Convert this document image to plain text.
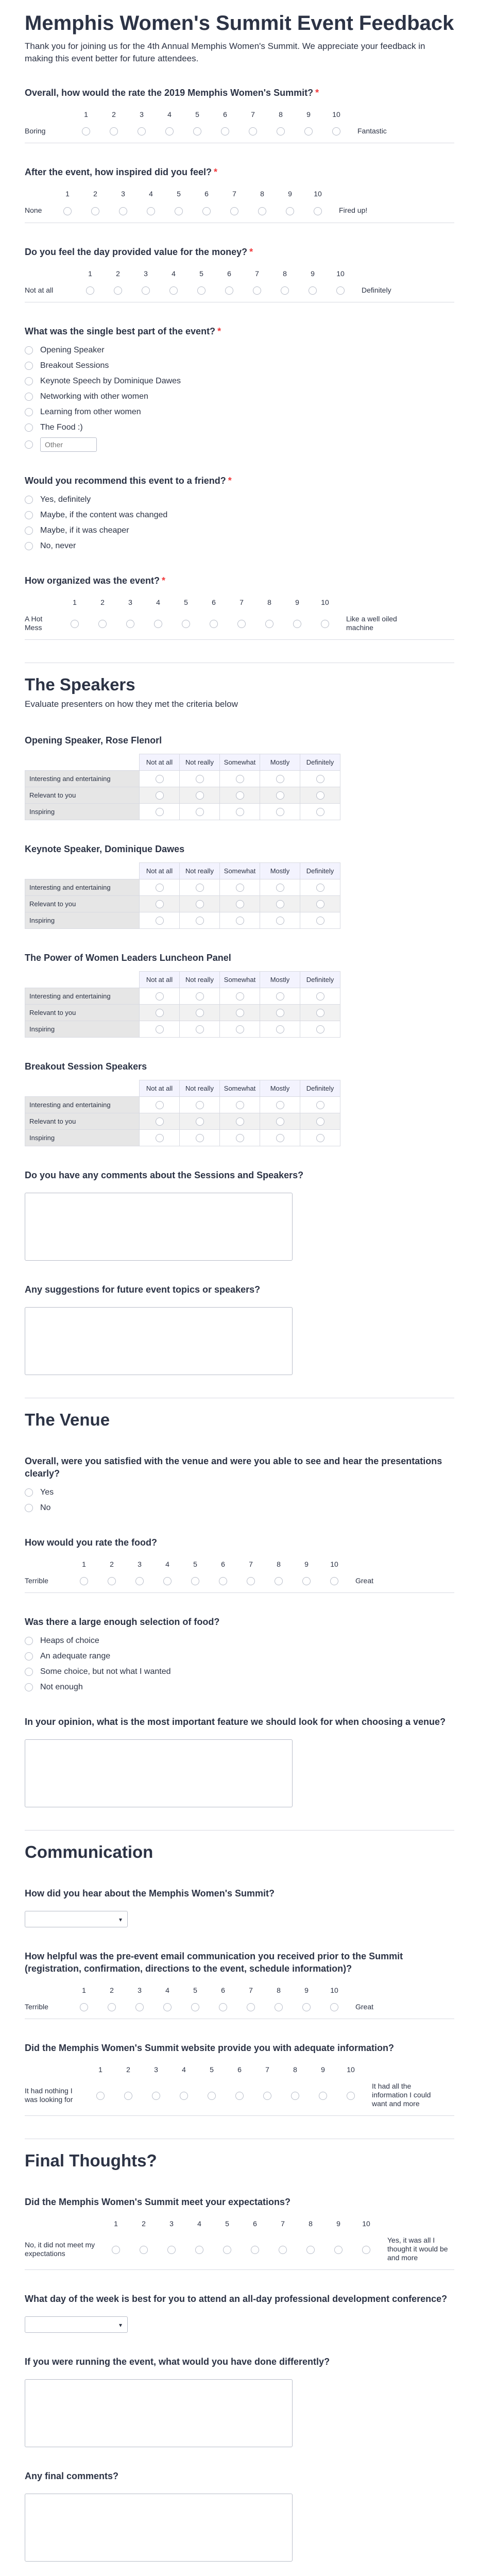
Memphis Women's Summit Event Feedback
Thank you for joining us for the 4th Annual Memphis Women's Summit. We appreciate your feedback in making this event better for future attendees.
Overall, how would the rate the 2019 Memphis Women's Summit? *
1	2	3	4	5	6	7	8	9	10
Boring	Fantastic
After the event, how inspired did you feel? *
1	2	3	4	5	6	7	8	9	10
None	Fired up!
Do you feel the day provided value for the money? *
1	2	3	4	5	6	7	8	9	10
Not at all	Definitely
What was the single best part of the event? *
Opening Speaker
Breakout Sessions
Keynote Speech by Dominique Dawes
Networking with other women
Learning from other women
The Food :)
Other
Would you recommend this event to a friend? *
Yes, definitely
Maybe, if the content was changed
Maybe, if it was cheaper
No, never
How organized was the event? *
1	2	3	4	5	6	7	8	9	10
A Hot Mess
Like a well oiled machine
The Speakers
Evaluate presenters on how they met the criteria below
Opening Speaker, Rose Flenorl
	Not at all	Not really	Somewhat	Mostly	Definitely
Interesting and entertaining					
Relevant to you					
Inspiring					
Keynote Speaker, Dominique Dawes
	Not at all	Not really	Somewhat	Mostly	Definitely
Interesting and entertaining					
Relevant to you					
Inspiring					
The Power of Women Leaders Luncheon Panel
	Not at all	Not really	Somewhat	Mostly	Definitely
Interesting and entertaining					
Relevant to you					
Inspiring					
Breakout Session Speakers
	Not at all	Not really	Somewhat	Mostly	Definitely
Interesting and entertaining					
Relevant to you					
Inspiring					
Do you have any comments about the Sessions and Speakers?
Any suggestions for future event topics or speakers?
The Venue
Overall, were you satisfied with the venue and were you able to see and hear the presentations clearly?
Yes
No
How would you rate the food?
1	2	3	4	5	6	7	8	9	10
Terrible	Great
Was there a large enough selection of food?
Heaps of choice
An adequate range
Some choice, but not what I wanted
Not enough
In your opinion, what is the most important feature we should look for when choosing a venue?
Communication
How did you hear about the Memphis Women's Summit?
▾
How helpful was the pre-event email communication you received prior to the Summit (registration, confirmation, directions to the event, schedule information)?
1	2	3	4	5	6	7	8	9	10
Terrible	Great
Did the Memphis Women's Summit website provide you with adequate information?
1	2	3	4	5	6	7	8	9	10
It had nothing I was looking for
It had all the information I could want and more
Final Thoughts?
Did the Memphis Women's Summit meet your expectations?
1	2	3	4	5	6	7	8	9	10
No, it did not meet my expectations
Yes, it was all I thought it would be and more
What day of the week is best for you to attend an all-day professional development conference?
▾
If you were running the event, what would you have done differently?
Any final comments?
